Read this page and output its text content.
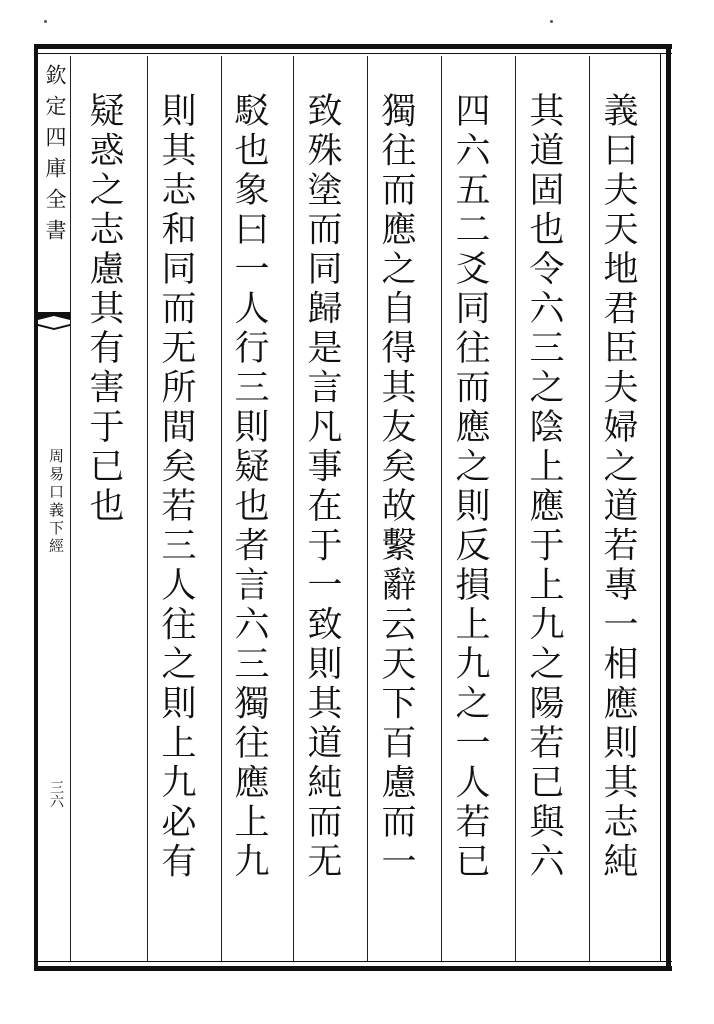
欽定四庫全書
周易口義下經
三六	義曰夫天地君臣夫婦之道若專一相應則其志純
其道固也令六三之陰上應于上九之陽若已與六
四六五二爻同往而應之則反損上九之一人若已
獨往而應之自得其友矣故繫辭云天下百慮而一
致殊塗而同歸是言凡事在于一致則其道純而无
駁也象曰一人行三則疑也者言六三獨往應上九
則其志和同而无所間矣若三人往之則上九必有
疑惑之志慮其有害于已也
